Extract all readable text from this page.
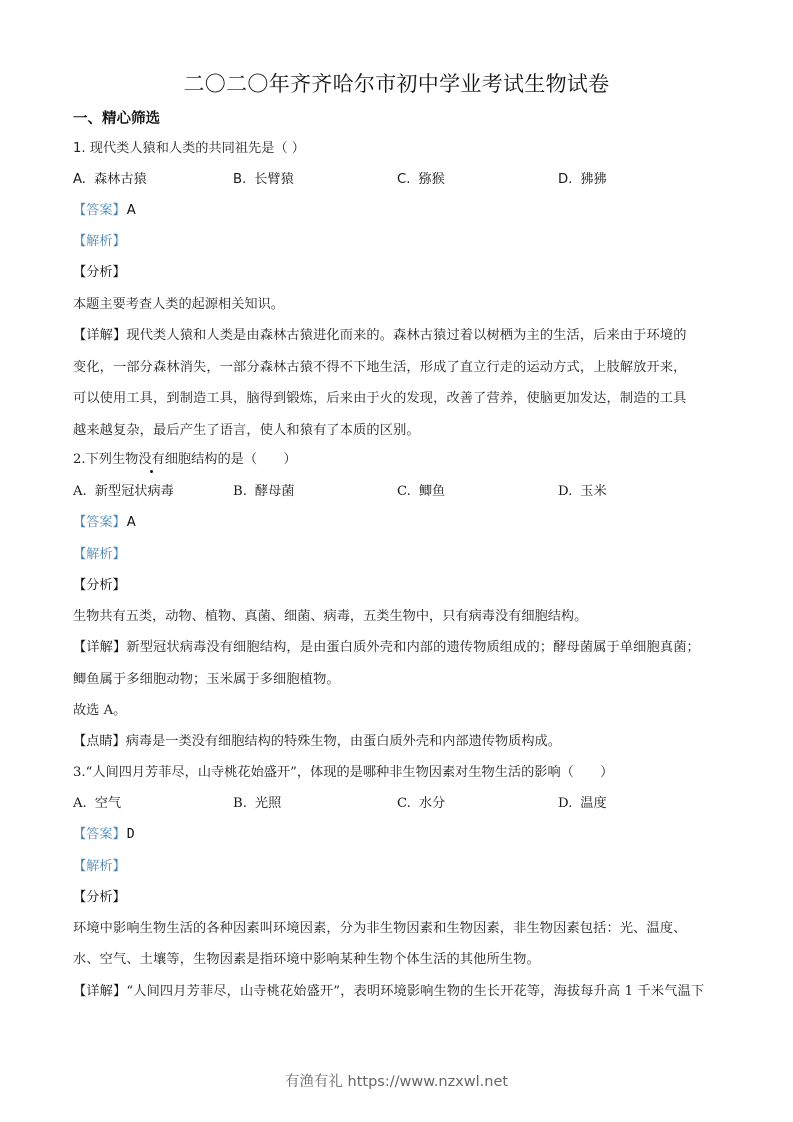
二〇二〇年齐齐哈尔市初中学业考试生物试卷
一、精心筛选
1. 现代类人猿和人类的共同祖先是（ ）
A. 森林古猿	B. 长臂猿	C. 猕猴	D. 狒狒
【答案】A
【解析】
【分析】
本题主要考查人类的起源相关知识。
【详解】现代类人猿和人类是由森林古猿进化而来的。森林古猿过着以树栖为主的生活，后来由于环境的
变化，一部分森林消失，一部分森林古猿不得不下地生活，形成了直立行走的运动方式，上肢解放开来，
可以使用工具，到制造工具，脑得到锻炼，后来由于火的发现，改善了营养，使脑更加发达，制造的工具
越来越复杂，最后产生了语言，使人和猿有了本质的区别。
2.下列生物没有细胞结构的是（　　）
A. 新型冠状病毒	B. 酵母菌	C. 鲫鱼	D. 玉米
【答案】A
【解析】
【分析】
生物共有五类，动物、植物、真菌、细菌、病毒，五类生物中，只有病毒没有细胞结构。
【详解】新型冠状病毒没有细胞结构，是由蛋白质外壳和内部的遗传物质组成的；酵母菌属于单细胞真菌；
鲫鱼属于多细胞动物；玉米属于多细胞植物。
故选 A。
【点睛】病毒是一类没有细胞结构的特殊生物，由蛋白质外壳和内部遗传物质构成。
3.“人间四月芳菲尽，山寺桃花始盛开”，体现的是哪种非生物因素对生物生活的影响（　　）
A. 空气	B. 光照	C. 水分	D. 温度
【答案】D
【解析】
【分析】
环境中影响生物生活的各种因素叫环境因素，分为非生物因素和生物因素，非生物因素包括：光、温度、
水、空气、土壤等，生物因素是指环境中影响某种生物个体生活的其他所生物。
【详解】“人间四月芳菲尽，山寺桃花始盛开”，表明环境影响生物的生长开花等，海拔每升高 1 千米气温下
有渔有礼 https://www.nzxwl.net
